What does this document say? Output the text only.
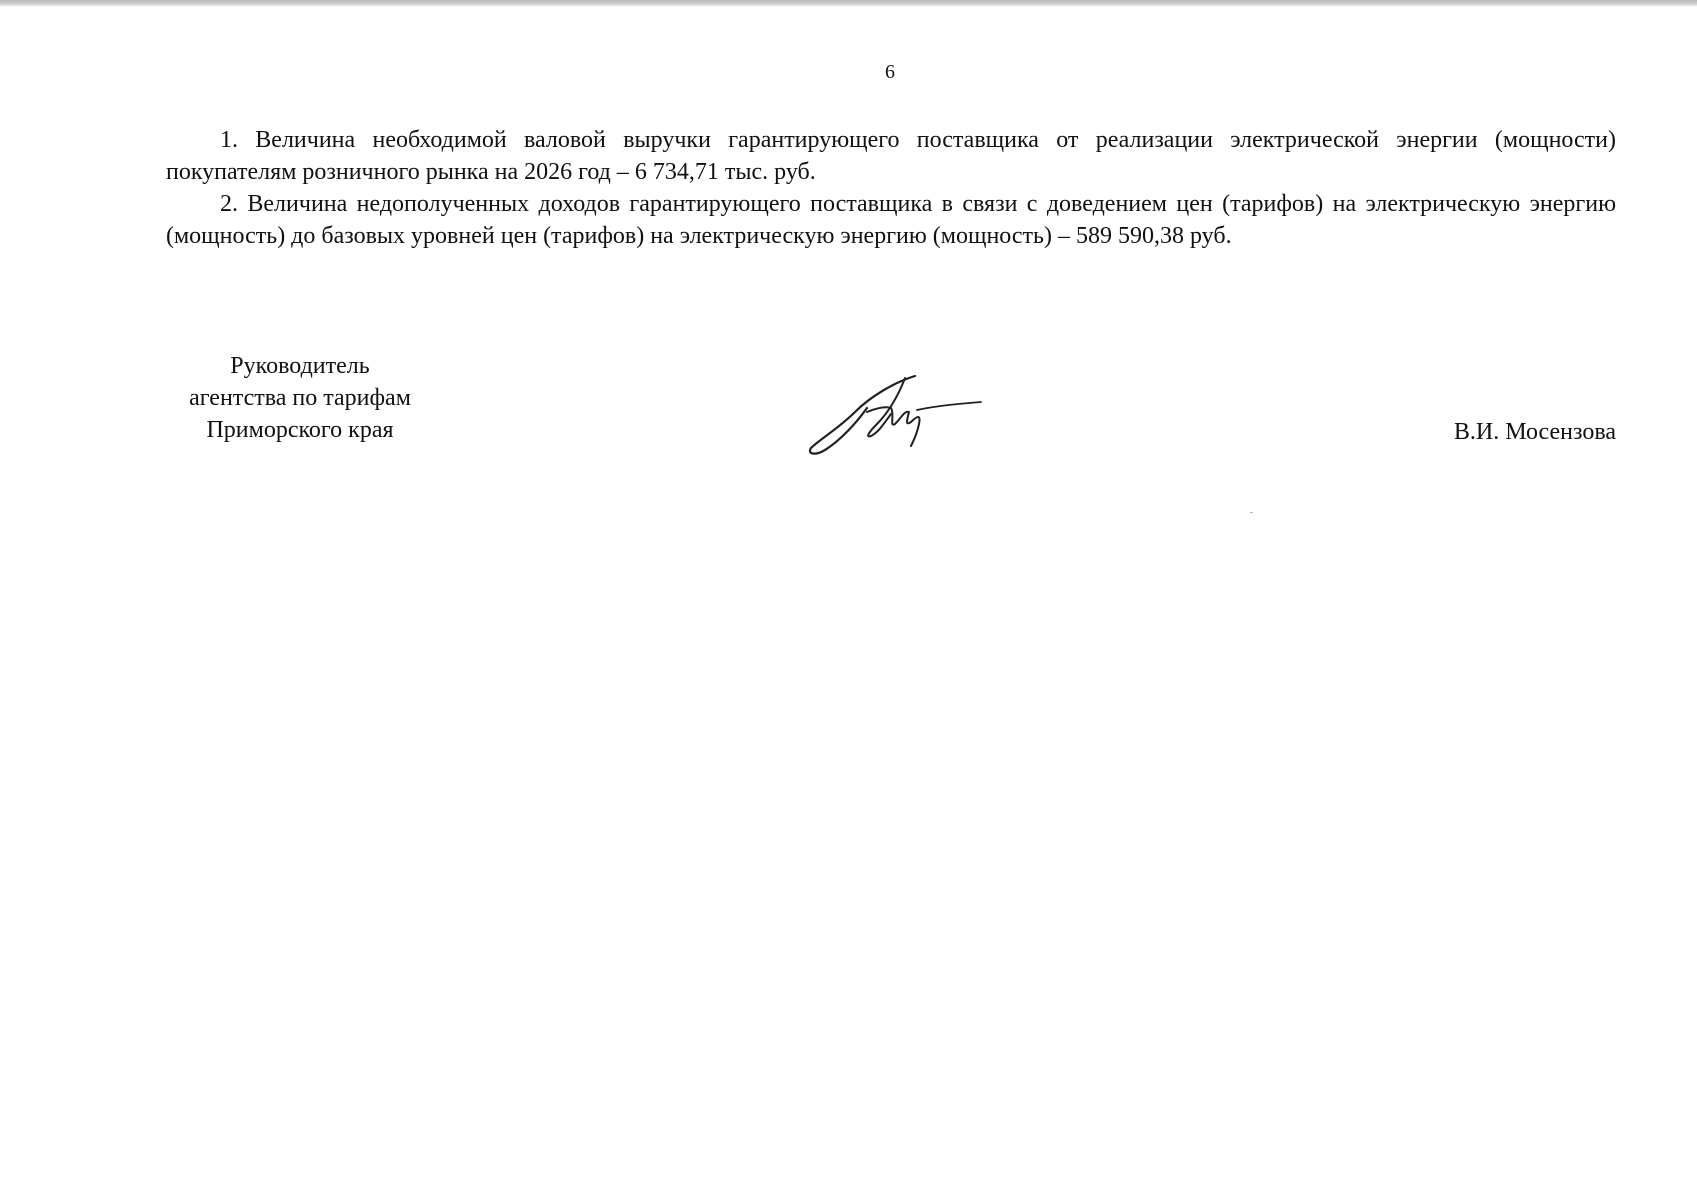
6

1. Величина необходимой валовой выручки гарантирующего поставщика от реализации электрической энергии (мощности) покупателям розничного рынка на 2026 год – 6 734,71 тыс. руб.

2. Величина недополученных доходов гарантирующего поставщика в связи с доведением цен (тарифов) на электрическую энергию (мощность) до базовых уровней цен (тарифов) на электрическую энергию (мощность) – 589 590,38 руб.

Руководитель
агентства по тарифам
Приморского края	В.И. Мосензова
